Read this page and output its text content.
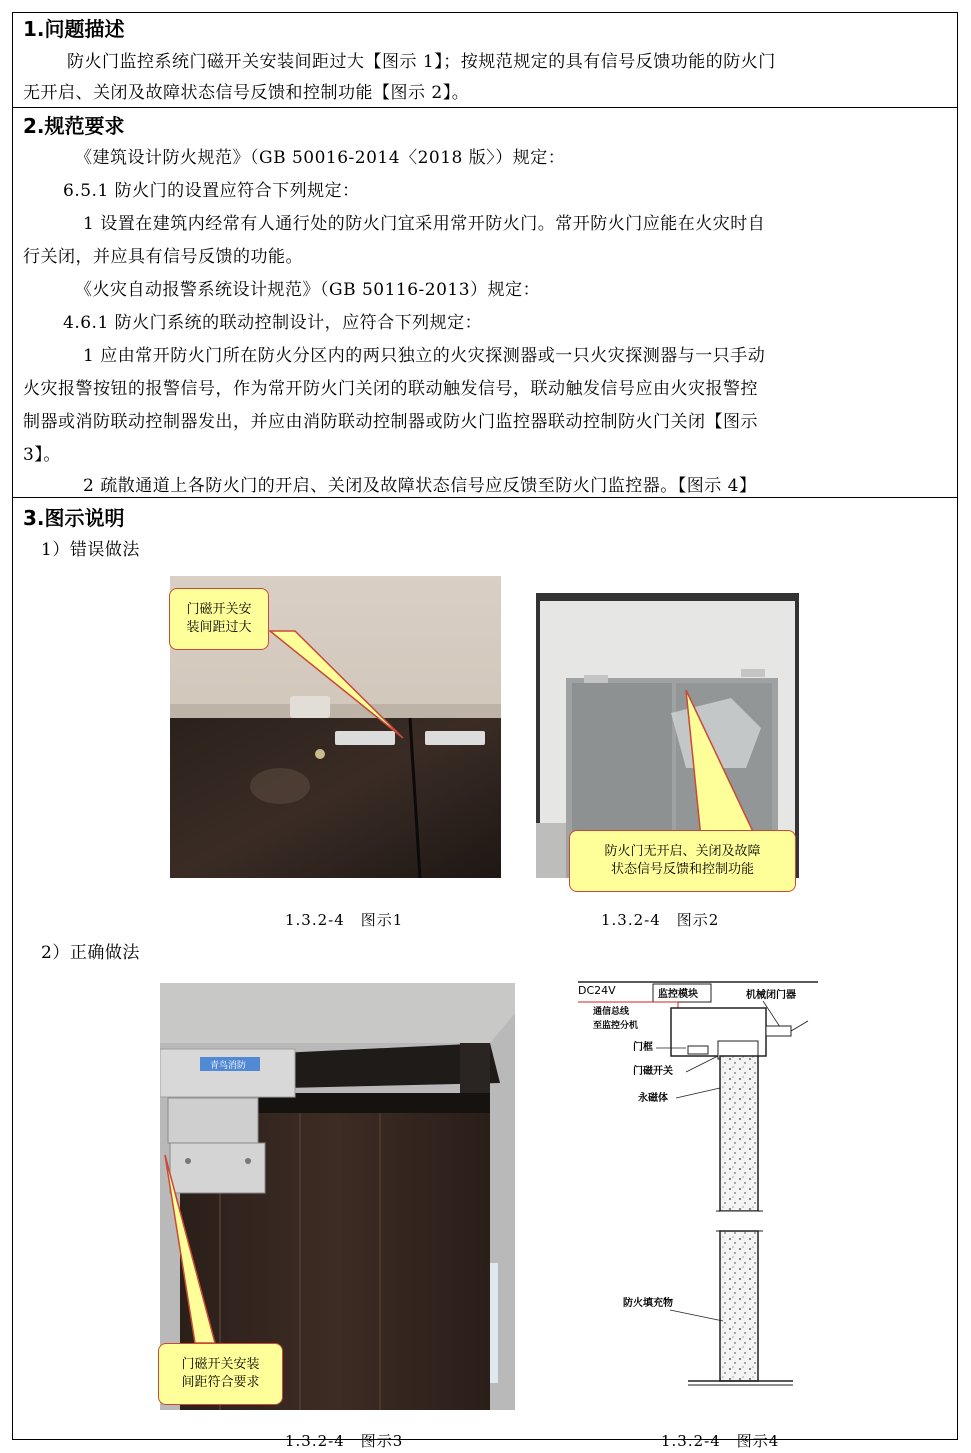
1.问题描述
防火门监控系统门磁开关安装间距过大【图示 1】；按规范规定的具有信号反馈功能的防火门
无开启、关闭及故障状态信号反馈和控制功能【图示 2】。
2.规范要求
《建筑设计防火规范》（GB 50016-2014〈2018 版〉）规定：
6.5.1 防火门的设置应符合下列规定：
1 设置在建筑内经常有人通行处的防火门宜采用常开防火门。常开防火门应能在火灾时自
行关闭，并应具有信号反馈的功能。
《火灾自动报警系统设计规范》（GB 50116-2013）规定：
4.6.1 防火门系统的联动控制设计，应符合下列规定：
1 应由常开防火门所在防火分区内的两只独立的火灾探测器或一只火灾探测器与一只手动
火灾报警按钮的报警信号，作为常开防火门关闭的联动触发信号，联动触发信号应由火灾报警控
制器或消防联动控制器发出，并应由消防联动控制器或防火门监控器联动控制防火门关闭【图示
3】。
2 疏散通道上各防火门的开启、关闭及故障状态信号应反馈至防火门监控器。【图示 4】
3.图示说明
1）错误做法
门磁开关安
装间距过大
1.3.2-4　图示1
防火门无开启、关闭及故障
状态信号反馈和控制功能
1.3.2-4　图示2
2）正确做法
青鸟消防
门磁开关安装
间距符合要求
1.3.2-4　图示3
DC24V	监控模块
通信总线
至监控分机
机械闭门器
门框
门磁开关
永磁体
防火填充物
1.3.2-4　图示4
